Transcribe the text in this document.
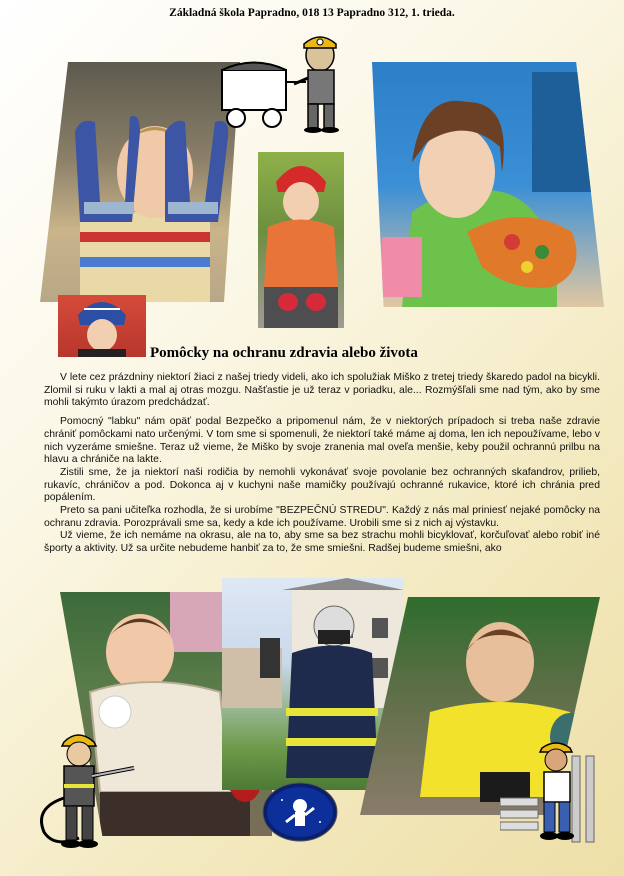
Základná škola Papradno, 018 13 Papradno 312, 1. trieda.
Pomôcky na ochranu zdravia alebo života

V lete cez prázdniny niektorí žiaci z našej triedy videli, ako ich spolužiak Miško z tretej triedy škaredo padol na bicykli. Zlomil si ruku v lakti a mal aj otras mozgu. Našťastie je už teraz v poriadku, ale... Rozmýšľali sme nad tým, ako by sme mohli takýmto úrazom predchádzať.

Pomocný "labku" nám opäť podal Bezpečko a pripomenul nám, že v niektorých prípadoch si treba naše zdravie chrániť pomôckami nato určenými. V tom sme si spomenuli, že niektorí také máme aj doma, len ich nepoužívame, lebo v nich vyzeráme smiešne. Teraz už vieme, že Miško by svoje zranenia mal oveľa menšie, keby použil ochrannú prilbu na hlavu a chrániče na lakte.

Zistili sme, že ja niektorí naši rodičia by nemohli vykonávať svoje povolanie bez ochranných skafandrov, prilieb, rukavíc, chráničov a pod. Dokonca aj v kuchyni naše mamičky používajú ochranné rukavice, ktoré ich chránia pred popálením.

Preto sa pani učiteľka rozhodla, že si urobíme "BEZPEČNÚ STREDU". Každý z nás mal priniesť nejaké pomôcky na ochranu zdravia. Porozprávali sme sa, kedy a kde ich používame. Urobili sme si z nich aj výstavku.

Už vieme, že ich nemáme na okrasu, ale na to, aby sme sa bez strachu mohli bicyklovať, korčuľovať alebo robiť iné športy a aktivity. Už sa určite nebudeme hanbiť za to, že sme smiešni. Radšej budeme smiešni, ako
